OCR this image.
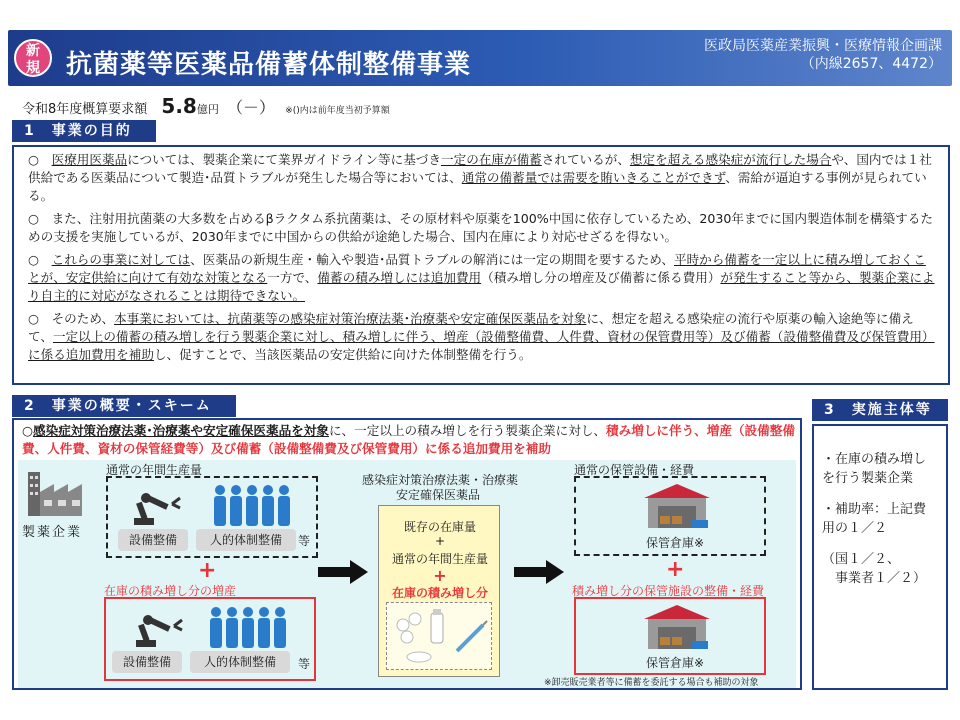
新
規	抗菌薬等医薬品備蓄体制整備事業
医政局医薬産業振興・医療情報企画課
（内線2657、4472）
令和8年度概算要求額 5.8億円 （－） ※()内は前年度当初予算額
1　事業の目的

○　医療用医薬品については、製薬企業にて業界ガイドライン等に基づき一定の在庫が備蓄されているが、想定を超える感染症が流行した場合や、国内では１社供給である医薬品について製造･品質トラブルが発生した場合等においては、通常の備蓄量では需要を賄いきることができず、需給が逼迫する事例が見られている。

○　また、注射用抗菌薬の大多数を占めるβラクタム系抗菌薬は、その原材料や原薬を100%中国に依存しているため、2030年までに国内製造体制を構築するための支援を実施しているが、2030年までに中国からの供給が途絶した場合、国内在庫により対応せざるを得ない。

○　これらの事業に対しては、医薬品の新規生産・輸入や製造･品質トラブルの解消には一定の期間を要するため、平時から備蓄を一定以上に積み増しておくことが、安定供給に向けて有効な対策となる一方で、備蓄の積み増しには追加費用（積み増し分の増産及び備蓄に係る費用）が発生すること等から、製薬企業により自主的に対応がなされることは期待できない。

○　そのため、本事業においては、抗菌薬等の感染症対策治療法薬･治療薬や安定確保医薬品を対象に、想定を超える感染症の流行や原薬の輸入途絶等に備えて、一定以上の備蓄の積み増しを行う製薬企業に対し、積み増しに伴う、増産（設備整備費、人件費、資材の保管費用等）及び備蓄（設備整備費及び保管費用）に係る追加費用を補助し、促すことで、当該医薬品の安定供給に向けた体制整備を行う。

2　事業の概要・スキーム
○感染症対策治療法薬･治療薬や安定確保医薬品を対象に、一定以上の積み増しを行う製薬企業に対し、積み増しに伴う、増産（設備整備費、人件費、資材の保管経費等）及び備蓄（設備整備費及び保管費用）に係る追加費用を補助
製薬企業
通常の年間生産量
設備整備	人的体制整備	等
+
在庫の積み増し分の増産
設備整備	人的体制整備	等
感染症対策治療法薬・治療薬
安定確保医薬品
既存の在庫量
+
通常の年間生産量
+
在庫の積み増し分
通常の保管設備・経費
保管倉庫※
+
積み増し分の保管施設の整備・経費
保管倉庫※
※卸売販売業者等に備蓄を委託する場合も補助の対象
3　実施主体等
・在庫の積み増し
を行う製薬企業
・補助率：上記費
用の１／２
（国１／２、
　事業者１／２）
